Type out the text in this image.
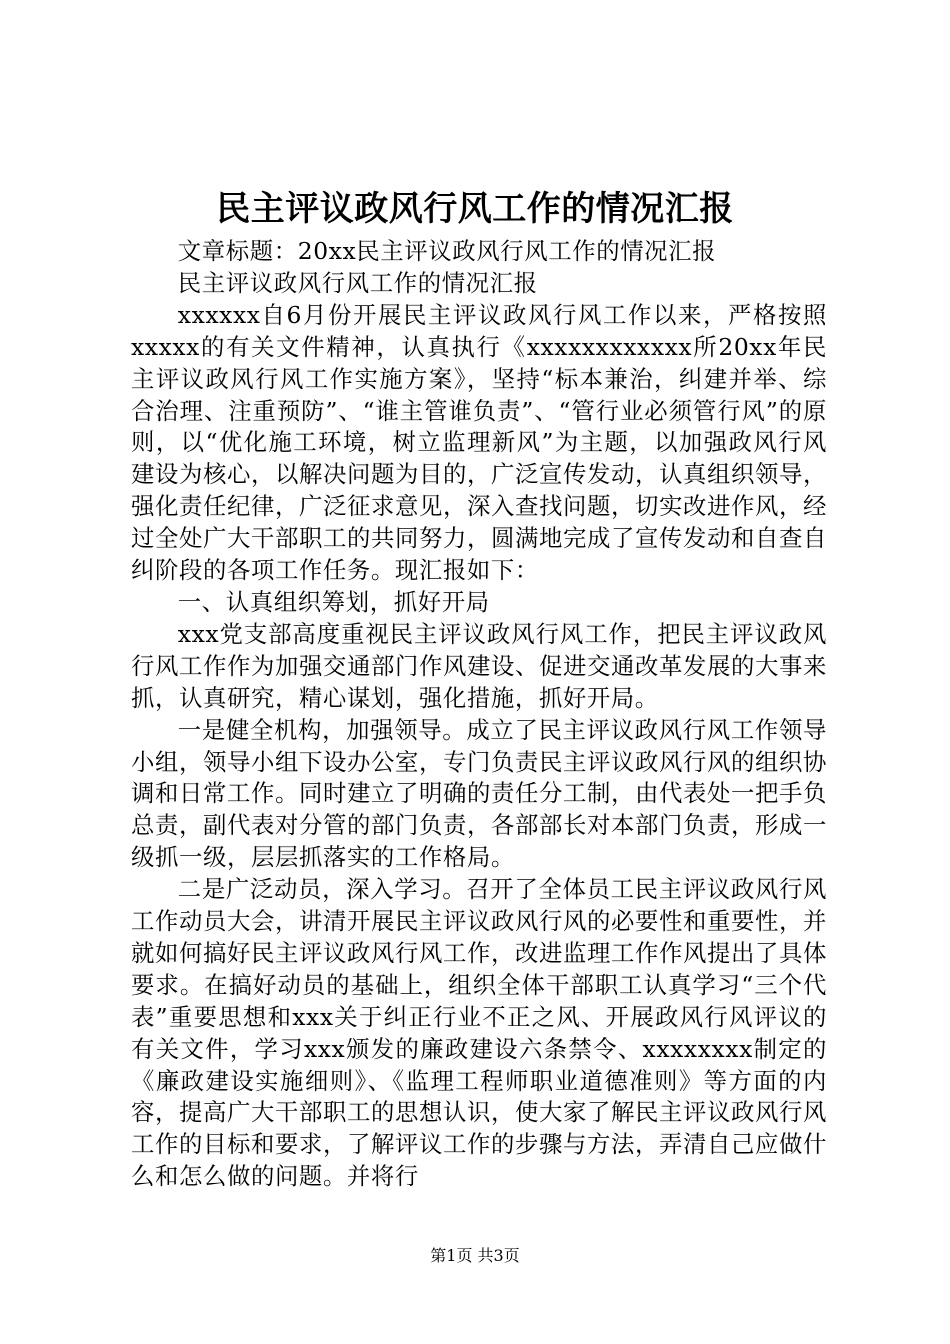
民主评议政风行风工作的情况汇报

文章标题：20xx民主评议政风行风工作的情况汇报

民主评议政风行风工作的情况汇报

xxxxxx自6月份开展民主评议政风行风工作以来，严格按照xxxxx的有关文件精神，认真执行《xxxxxxxxxxxx所20xx年民主评议政风行风工作实施方案》，坚持“标本兼治，纠建并举、综合治理、注重预防”、“谁主管谁负责”、“管行业必须管行风”的原则，以“优化施工环境，树立监理新风”为主题，以加强政风行风建设为核心，以解决问题为目的，广泛宣传发动，认真组织领导，强化责任纪律，广泛征求意见，深入查找问题，切实改进作风，经过全处广大干部职工的共同努力，圆满地完成了宣传发动和自查自纠阶段的各项工作任务。现汇报如下：

一、认真组织筹划，抓好开局

xxx党支部高度重视民主评议政风行风工作，把民主评议政风行风工作作为加强交通部门作风建设、促进交通改革发展的大事来抓，认真研究，精心谋划，强化措施，抓好开局。

一是健全机构，加强领导。成立了民主评议政风行风工作领导小组，领导小组下设办公室，专门负责民主评议政风行风的组织协调和日常工作。同时建立了明确的责任分工制，由代表处一把手负总责，副代表对分管的部门负责，各部部长对本部门负责，形成一级抓一级，层层抓落实的工作格局。

二是广泛动员，深入学习。召开了全体员工民主评议政风行风工作动员大会，讲清开展民主评议政风行风的必要性和重要性，并就如何搞好民主评议政风行风工作，改进监理工作作风提出了具体要求。在搞好动员的基础上，组织全体干部职工认真学习“三个代表”重要思想和xxx关于纠正行业不正之风、开展政风行风评议的有关文件，学习xxx颁发的廉政建设六条禁令、xxxxxxxx制定的《廉政建设实施细则》、《监理工程师职业道德准则》等方面的内容，提高广大干部职工的思想认识，使大家了解民主评议政风行风工作的目标和要求，了解评议工作的步骤与方法，弄清自己应做什么和怎么做的问题。并将行

第1页 共3页
